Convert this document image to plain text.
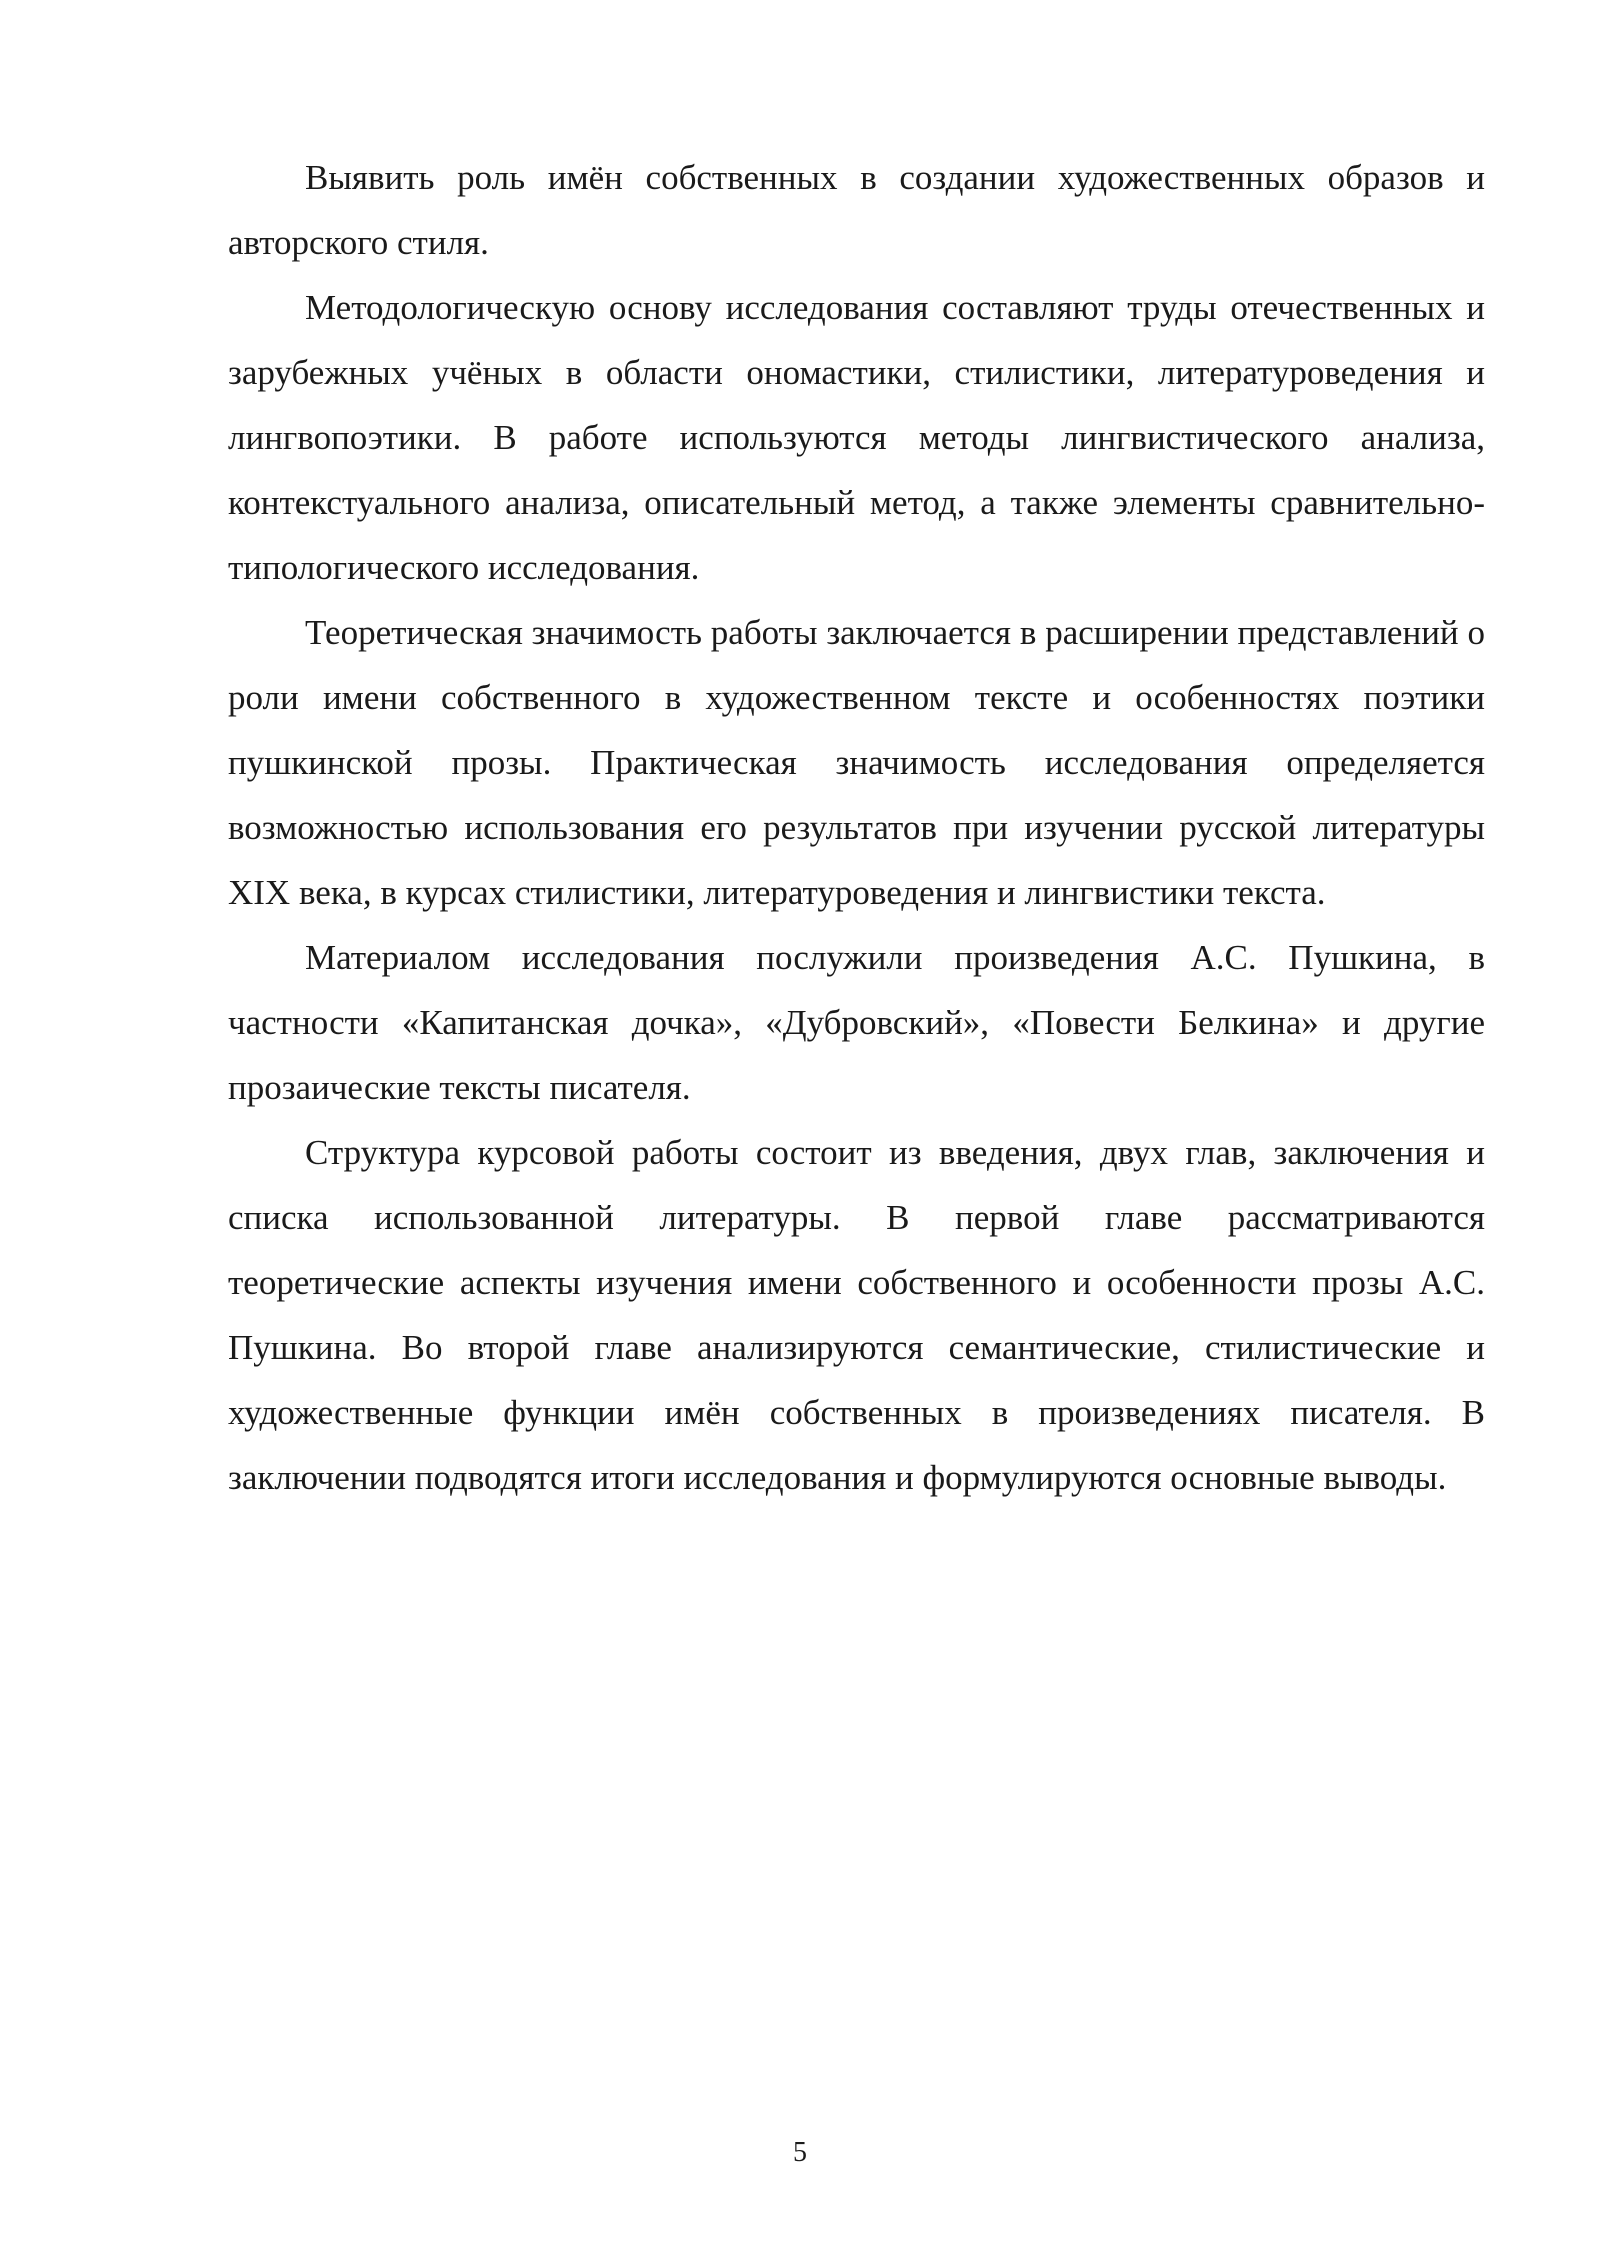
Выявить роль имён собственных в создании художественных образов и авторского стиля.

Методологическую основу исследования составляют труды отечественных и зарубежных учёных в области ономастики, стилистики, литературоведения и лингвопоэтики. В работе используются методы лингвистического анализа, контекстуального анализа, описательный метод, а также элементы сравнительно-типологического исследования.

Теоретическая значимость работы заключается в расширении представлений о роли имени собственного в художественном тексте и особенностях поэтики пушкинской прозы. Практическая значимость исследования определяется возможностью использования его результатов при изучении русской литературы XIX века, в курсах стилистики, литературоведения и лингвистики текста.

Материалом исследования послужили произведения А.С. Пушкина, в частности «Капитанская дочка», «Дубровский», «Повести Белкина» и другие прозаические тексты писателя.

Структура курсовой работы состоит из введения, двух глав, заключения и списка использованной литературы. В первой главе рассматриваются теоретические аспекты изучения имени собственного и особенности прозы А.С. Пушкина. Во второй главе анализируются семантические, стилистические и художественные функции имён собственных в произведениях писателя. В заключении подводятся итоги исследования и формулируются основные выводы.

5
